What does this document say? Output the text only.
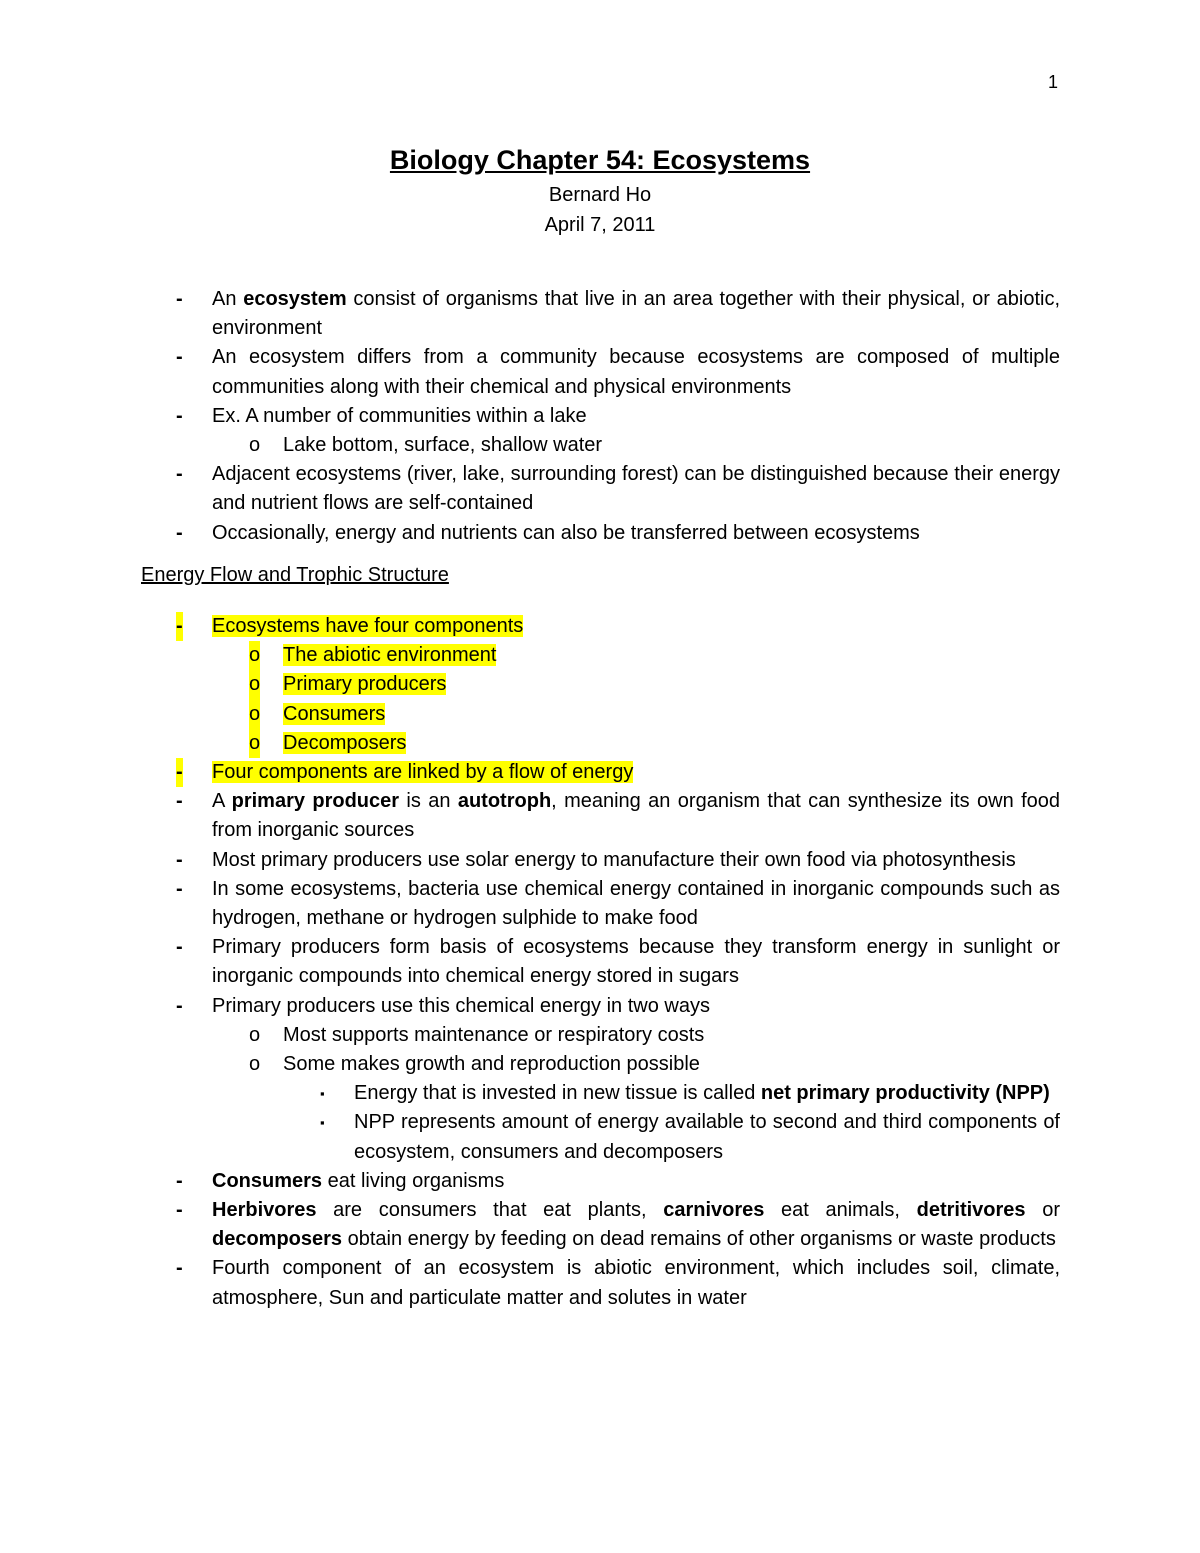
1
Biology Chapter 54: Ecosystems
Bernard Ho
April 7, 2011
- An ecosystem consist of organisms that live in an area together with their physical, or abiotic, environment
- An ecosystem differs from a community because ecosystems are composed of multiple communities along with their chemical and physical environments
- Ex. A number of communities within a lake
o Lake bottom, surface, shallow water
- Adjacent ecosystems (river, lake, surrounding forest) can be distinguished because their energy and nutrient flows are self-contained
- Occasionally, energy and nutrients can also be transferred between ecosystems
Energy Flow and Trophic Structure
- Ecosystems have four components
o The abiotic environment
o Primary producers
o Consumers
o Decomposers
- Four components are linked by a flow of energy
- A primary producer is an autotroph, meaning an organism that can synthesize its own food from inorganic sources
- Most primary producers use solar energy to manufacture their own food via photosynthesis
- In some ecosystems, bacteria use chemical energy contained in inorganic compounds such as hydrogen, methane or hydrogen sulphide to make food
- Primary producers form basis of ecosystems because they transform energy in sunlight or inorganic compounds into chemical energy stored in sugars
- Primary producers use this chemical energy in two ways
o Most supports maintenance or respiratory costs
o Some makes growth and reproduction possible
▪ Energy that is invested in new tissue is called net primary productivity (NPP)
▪ NPP represents amount of energy available to second and third components of ecosystem, consumers and decomposers
- Consumers eat living organisms
- Herbivores are consumers that eat plants, carnivores eat animals, detritivores or decomposers obtain energy by feeding on dead remains of other organisms or waste products
- Fourth component of an ecosystem is abiotic environment, which includes soil, climate, atmosphere, Sun and particulate matter and solutes in water
